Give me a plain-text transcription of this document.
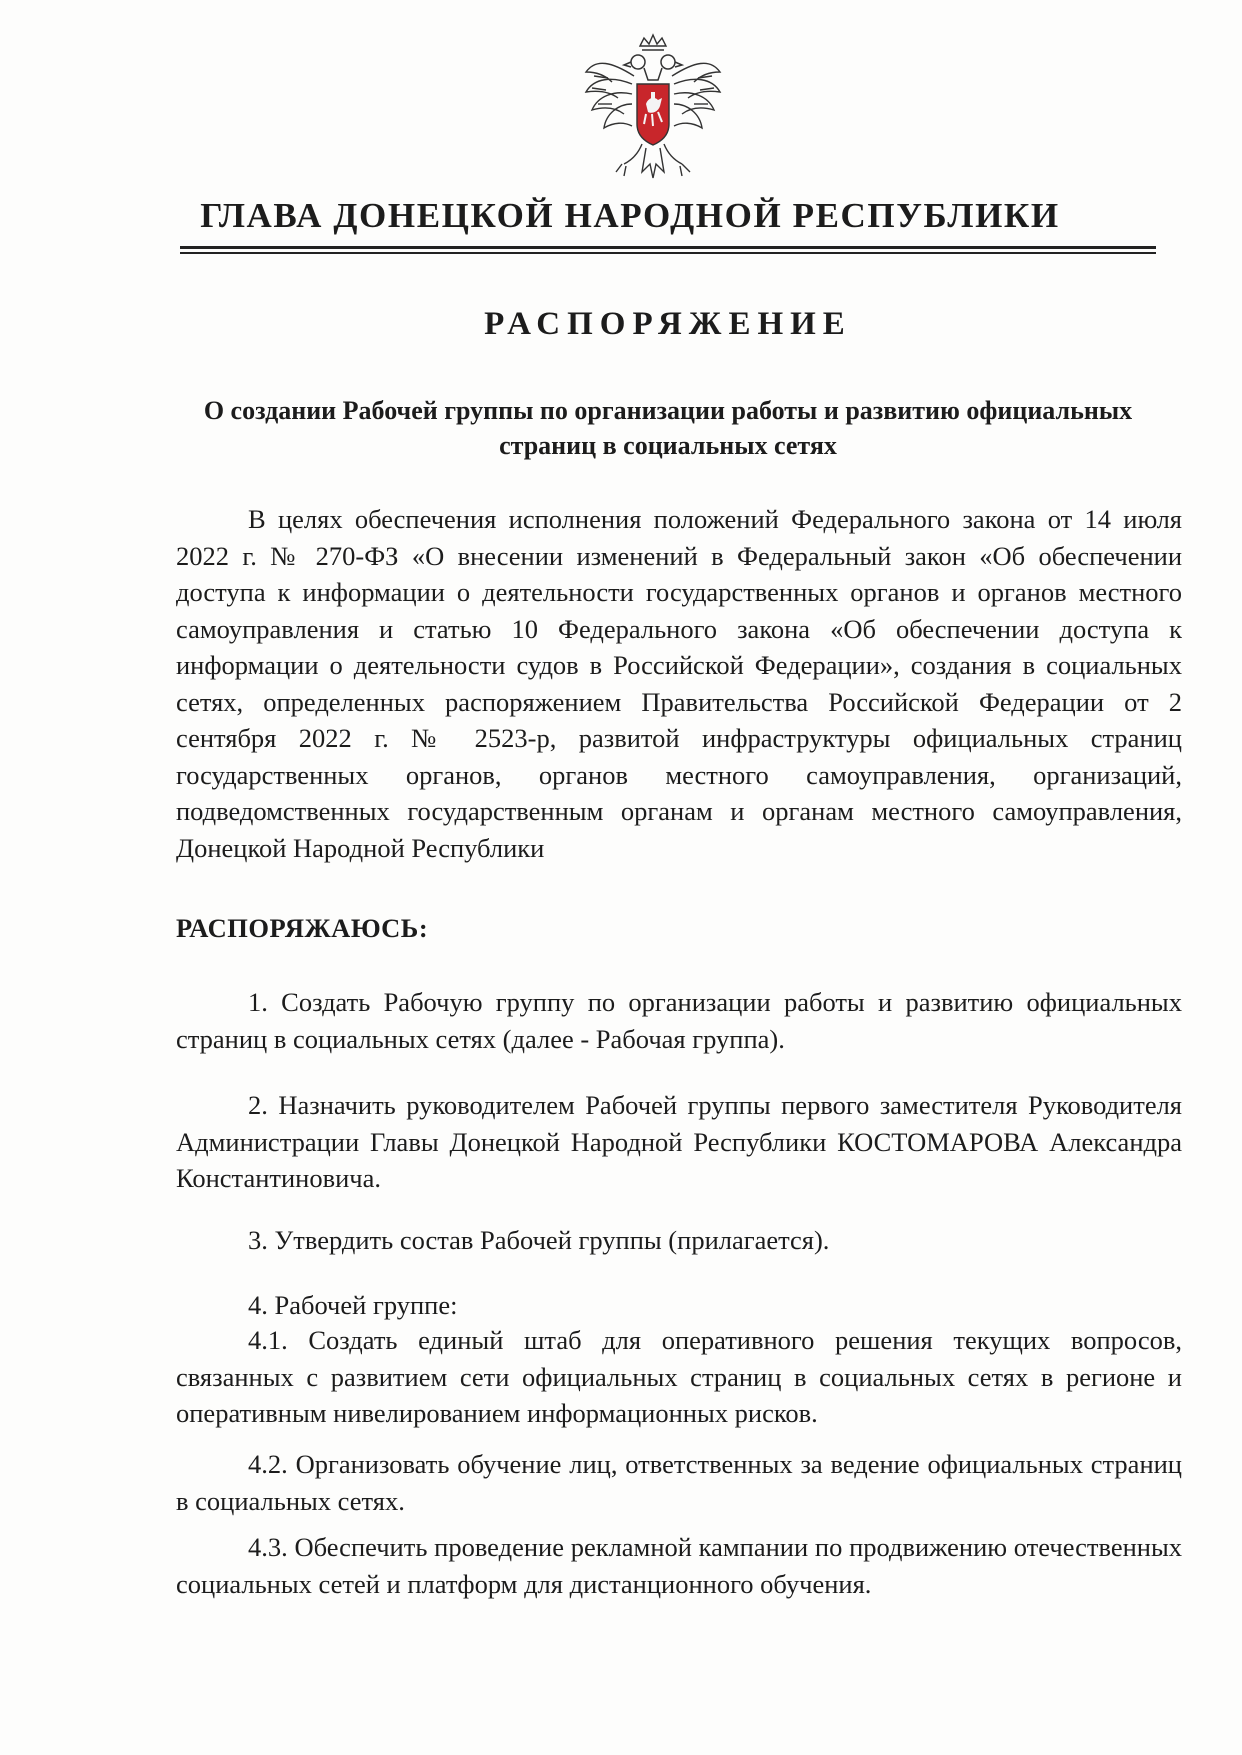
ГЛАВА ДОНЕЦКОЙ НАРОДНОЙ РЕСПУБЛИКИ
РАСПОРЯЖЕНИЕ
О создании Рабочей группы по организации работы и развитию официальных страниц в социальных сетях

В целях обеспечения исполнения положений Федерального закона от 14 июля 2022 г. № 270-ФЗ «О внесении изменений в Федеральный закон «Об обеспечении доступа к информации о деятельности государственных органов и органов местного самоуправления и статью 10 Федерального закона «Об обеспечении доступа к информации о деятельности судов в Российской Федерации», создания в социальных сетях, определенных распоряжением Правительства Российской Федерации от 2 сентября 2022 г. № 2523-р, развитой инфраструктуры официальных страниц государственных органов, органов местного самоуправления, организаций, подведомственных государственным органам и органам местного самоуправления, Донецкой Народной Республики

РАСПОРЯЖАЮСЬ:

1. Создать Рабочую группу по организации работы и развитию официальных страниц в социальных сетях (далее - Рабочая группа).

2. Назначить руководителем Рабочей группы первого заместителя Руководителя Администрации Главы Донецкой Народной Республики КОСТОМАРОВА Александра Константиновича.

3. Утвердить состав Рабочей группы (прилагается).

4. Рабочей группе:

4.1. Создать единый штаб для оперативного решения текущих вопросов, связанных с развитием сети официальных страниц в социальных сетях в регионе и оперативным нивелированием информационных рисков.

4.2. Организовать обучение лиц, ответственных за ведение официальных страниц в социальных сетях.

4.3. Обеспечить проведение рекламной кампании по продвижению отечественных социальных сетей и платформ для дистанционного обучения.
